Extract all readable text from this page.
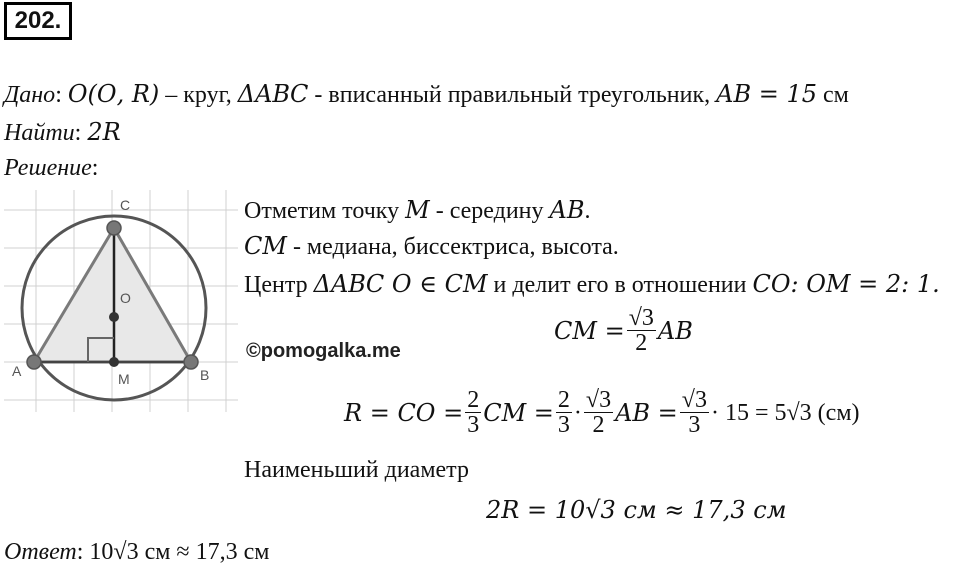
202.
Дано: 𝑂(𝑂, 𝑅) – круг, Δ𝐴𝐵𝐶 - вписанный правильный треугольник, 𝐴𝐵 = 15 см
Найти: 2𝑅
Решение:
C
O
A	B
M
©pomogalka.me
Отметим точку 𝑀 - середину 𝐴𝐵.
𝐶𝑀 - медиана, биссектриса, высота.
Центр Δ𝐴𝐵𝐶 𝑂 ∈ 𝐶𝑀 и делит его в отношении 𝐶𝑂: 𝑂𝑀 = 2: 1.
𝐶𝑀 = $\frac{√3}{2}$ 𝐴𝐵
𝑅 = 𝐶𝑂 = $\frac{2}{3}$ 𝐶𝑀 = $\frac{2}{3} \cdot \frac{√3}{2}$ 𝐴𝐵 = $\frac{√3}{3} \cdot 15 = 5√3$ (см)
Наименьший диаметр
2𝑅 = 10√3 см ≈ 17,3 см
Ответ: 10√3 см ≈ 17,3 см
